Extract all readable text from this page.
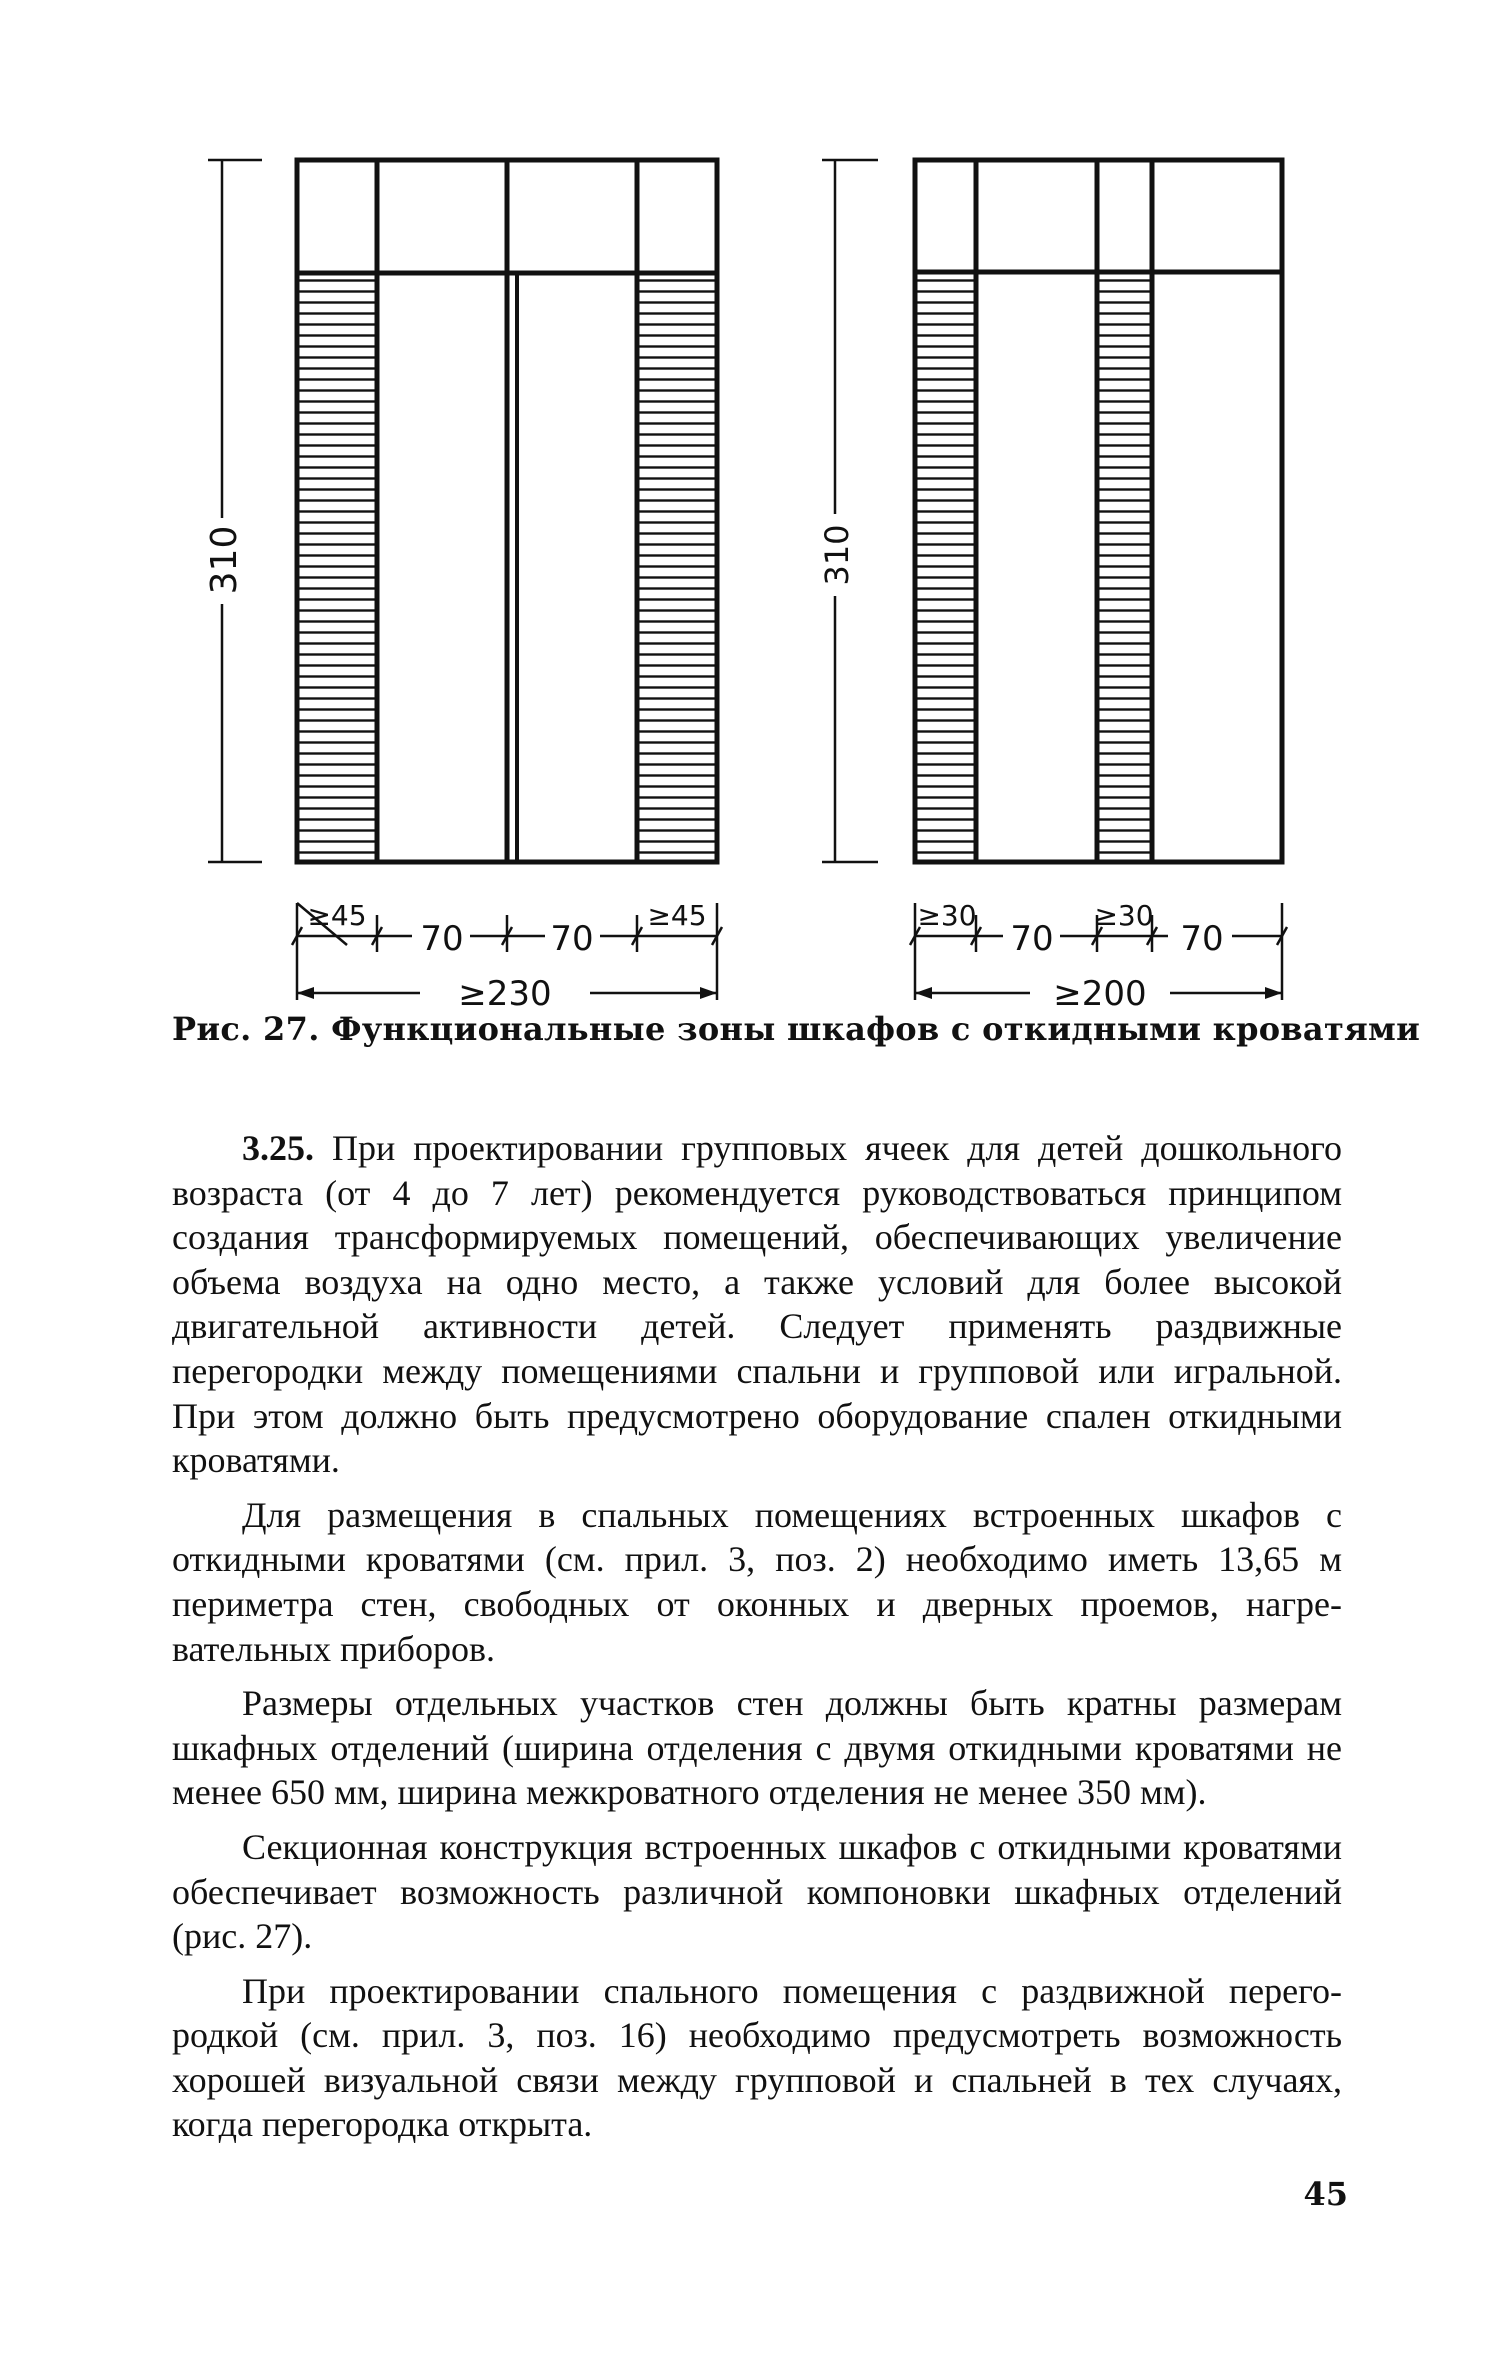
310
≥45
70	70
≥45
≥230
310
≥30
70
≥30
70
≥200
Рис. 27. Функциональные зоны шкафов с откидными кроватями

3.25. При проектировании групповых ячеек для детей дошкольного возраста (от 4 до 7 лет) рекомендуется руководствоваться принципом создания трансформируемых помещений, обеспечивающих увеличение объема воздуха на одно место, а также условий для более высокой двигательной активности детей. Следует применять раздвижные перегородки между помещениями спальни и групповой или игральной. При этом должно быть предусмотрено оборудование спален откидными кроватями.

Для размещения в спальных помещениях встроенных шкафов с откидными кроватями (см. прил. 3, поз. 2) необходимо иметь 13,65 м периметра стен, свободных от оконных и дверных проемов, нагревательных приборов.

Размеры отдельных участков стен должны быть кратны размерам шкафных отделений (ширина отделения с двумя откидными кроватями не менее 650 мм, ширина межкроватного отделения не менее 350 мм).

Секционная конструкция встроенных шкафов с откидными кроватями обеспечивает возможность различной компоновки шкафных отделений (рис. 27).

При проектировании спального помещения с раздвижной перегородкой (см. прил. 3, поз. 16) необходимо предусмотреть возможность хорошей визуальной связи между групповой и спальней в тех случаях, когда перегородка открыта.

45
